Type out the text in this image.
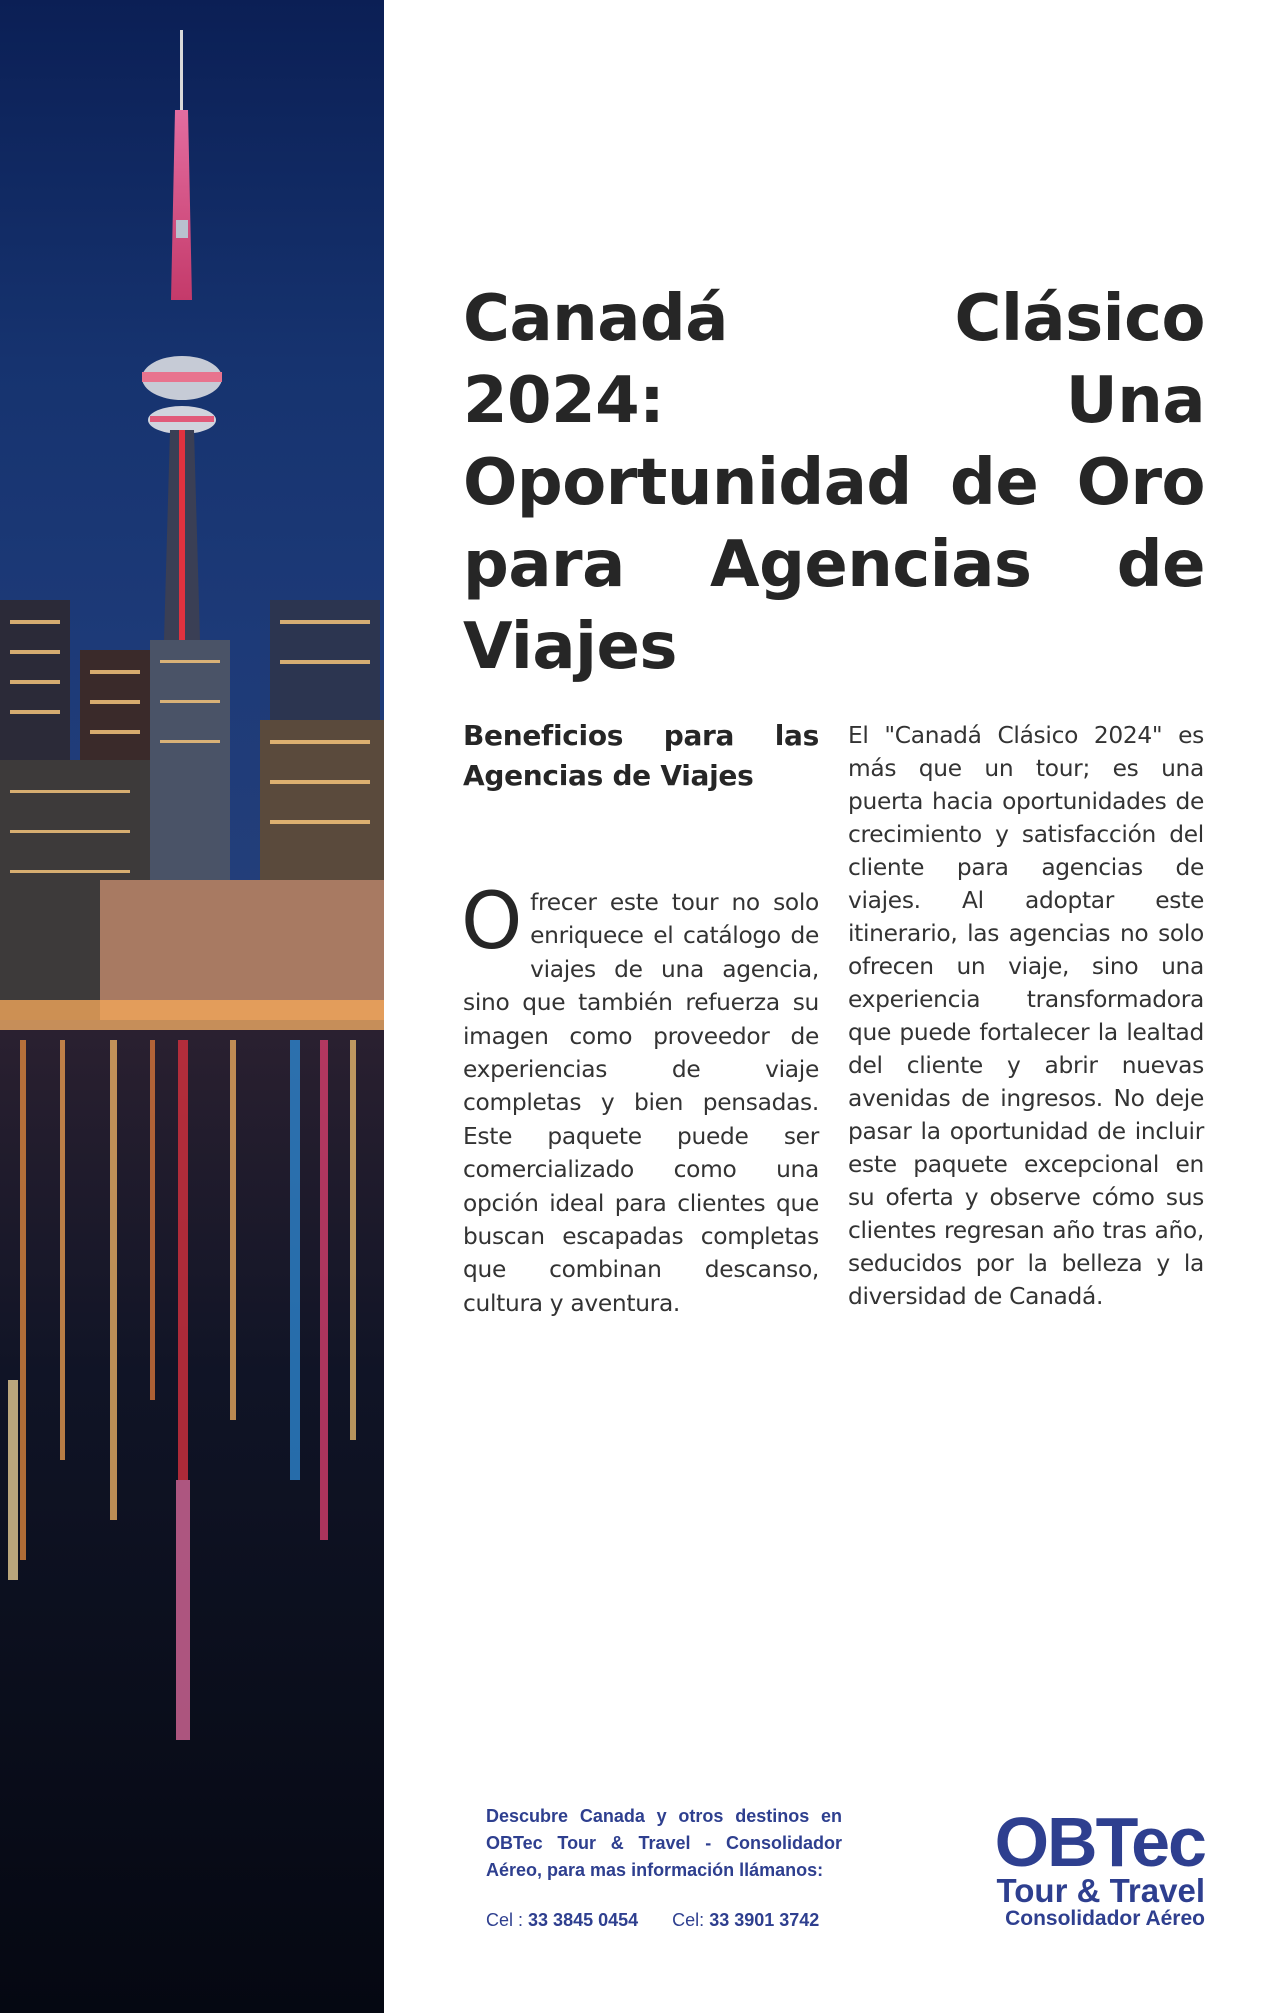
Canadá Clásico 2024: Una Oportunidad de Oro para Agencias de Viajes
Beneficios para las Agencias de Viajes

Ofrecer este tour no solo enriquece el catálogo de viajes de una agencia, sino que también refuerza su imagen como proveedor de experiencias de viaje completas y bien pensadas. Este paquete puede ser comercializado como una opción ideal para clientes que buscan escapadas completas que combinan descanso, cultura y aventura.

El "Canadá Clásico 2024" es más que un tour; es una puerta hacia oportunidades de crecimiento y satisfacción del cliente para agencias de viajes. Al adoptar este itinerario, las agencias no solo ofrecen un viaje, sino una experiencia transformadora que puede fortalecer la lealtad del cliente y abrir nuevas avenidas de ingresos. No deje pasar la oportunidad de incluir este paquete excepcional en su oferta y observe cómo sus clientes regresan año tras año, seducidos por la belleza y la diversidad de Canadá.

Descubre Canada y otros destinos en OBTec Tour & Travel - Consolidador Aéreo, para mas información llámanos:

Cel : 33 3845 0454 Cel: 33 3901 3742
OBTec
Tour & Travel
Consolidador Aéreo
